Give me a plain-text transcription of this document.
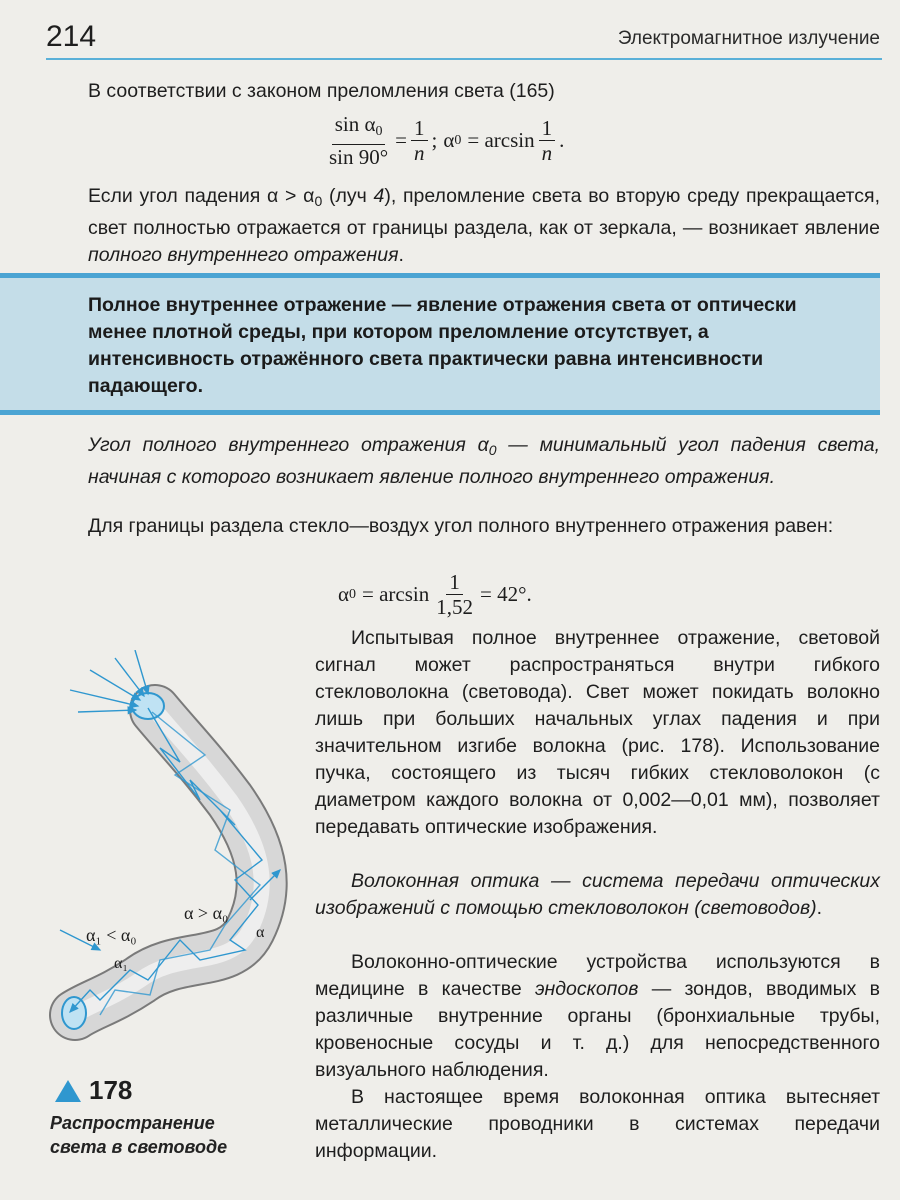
214	Электромагнитное излучение

В соответствии с законом преломления света (165)

$\frac{\sin \alpha_0}{\sin 90^\circ} = \frac{1}{n}$ ; α $0 = \arcsin \frac{1}{n}$ .

Если угол падения $\alpha > \alpha_0$ (луч 4), преломление света во вторую среду прекращается, свет полностью отражается от границы раздела, как от зеркала, — возникает явление полного внутреннего отражения.

Полное внутреннее отражение — явление отражения света от оптически менее плотной среды, при котором преломление отсутствует, а интенсивность отражённого света практически равна интенсивности падающего.

Угол полного внутреннего отражения $\alpha_0$ — минимальный угол падения света, начиная с которого возникает явление полного внутреннего отражения.

Для границы раздела стекло—воздух угол полного внутреннего отражения равен:

α $0 = \arcsin \frac{1}{1,52} = 42^\circ$.
α > α₀
α₁ < α₀
α₁
α
178

Распространение света в световоде

Испытывая полное внутреннее отражение, световой сигнал может распространяться внутри гибкого стекловолокна (световода). Свет может покидать волокно лишь при больших начальных углах падения и при значительном изгибе волокна (рис. 178). Использование пучка, состоящего из тысяч гибких стекловолокон (с диаметром каждого волокна от 0,002—0,01 мм), позволяет передавать оптические изображения.

Волоконная оптика — система передачи оптических изображений с помощью стекловолокон (световодов).

Волоконно-оптические устройства используются в медицине в качестве эндоскопов — зондов, вводимых в различные внутренние органы (бронхиальные трубы, кровеносные сосуды и т. д.) для непосредственного визуального наблюдения.

В настоящее время волоконная оптика вытесняет металлические проводники в системах передачи информации.
